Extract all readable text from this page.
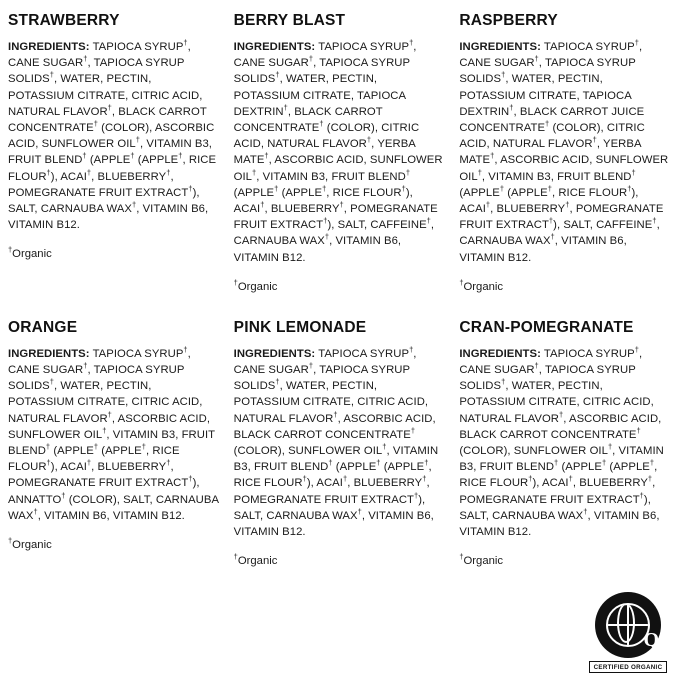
STRAWBERRY
INGREDIENTS: TAPIOCA SYRUP†, CANE SUGAR†, TAPIOCA SYRUP SOLIDS†, WATER, PECTIN, POTASSIUM CITRATE, CITRIC ACID, NATURAL FLAVOR†, BLACK CARROT CONCENTRATE† (COLOR), ASCORBIC ACID, SUNFLOWER OIL†, VITAMIN B3, FRUIT BLEND† (APPLE† (APPLE†, RICE FLOUR†), ACAI†, BLUEBERRY†, POMEGRANATE FRUIT EXTRACT†), SALT, CARNAUBA WAX†, VITAMIN B6, VITAMIN B12.
†Organic
BERRY BLAST
INGREDIENTS: TAPIOCA SYRUP†, CANE SUGAR†, TAPIOCA SYRUP SOLIDS†, WATER, PECTIN, POTASSIUM CITRATE, TAPIOCA DEXTRIN†, BLACK CARROT CONCENTRATE† (COLOR), CITRIC ACID, NATURAL FLAVOR†, YERBA MATE†, ASCORBIC ACID, SUNFLOWER OIL†, VITAMIN B3, FRUIT BLEND† (APPLE† (APPLE†, RICE FLOUR†), ACAI†, BLUEBERRY†, POMEGRANATE FRUIT EXTRACT†), SALT, CAFFEINE†, CARNAUBA WAX†, VITAMIN B6, VITAMIN B12.
†Organic
RASPBERRY
INGREDIENTS: TAPIOCA SYRUP†, CANE SUGAR†, TAPIOCA SYRUP SOLIDS†, WATER, PECTIN, POTASSIUM CITRATE, TAPIOCA DEXTRIN†, BLACK CARROT JUICE CONCENTRATE† (COLOR), CITRIC ACID, NATURAL FLAVOR†, YERBA MATE†, ASCORBIC ACID, SUNFLOWER OIL†, VITAMIN B3, FRUIT BLEND† (APPLE† (APPLE†, RICE FLOUR†), ACAI†, BLUEBERRY†, POMEGRANATE FRUIT EXTRACT†), SALT, CAFFEINE†, CARNAUBA WAX†, VITAMIN B6, VITAMIN B12.
†Organic
ORANGE
INGREDIENTS: TAPIOCA SYRUP†, CANE SUGAR†, TAPIOCA SYRUP SOLIDS†, WATER, PECTIN, POTASSIUM CITRATE, CITRIC ACID, NATURAL FLAVOR†, ASCORBIC ACID, SUNFLOWER OIL†, VITAMIN B3, FRUIT BLEND† (APPLE† (APPLE†, RICE FLOUR†), ACAI†, BLUEBERRY†, POMEGRANATE FRUIT EXTRACT†), ANNATTO† (COLOR), SALT, CARNAUBA WAX†, VITAMIN B6, VITAMIN B12.
†Organic
PINK LEMONADE
INGREDIENTS: TAPIOCA SYRUP†, CANE SUGAR†, TAPIOCA SYRUP SOLIDS†, WATER, PECTIN, POTASSIUM CITRATE, CITRIC ACID, NATURAL FLAVOR†, ASCORBIC ACID, BLACK CARROT CONCENTRATE† (COLOR), SUNFLOWER OIL†, VITAMIN B3, FRUIT BLEND† (APPLE† (APPLE†, RICE FLOUR†), ACAI†, BLUEBERRY†, POMEGRANATE FRUIT EXTRACT†), SALT, CARNAUBA WAX†, VITAMIN B6, VITAMIN B12.
†Organic
CRAN-POMEGRANATE
INGREDIENTS: TAPIOCA SYRUP†, CANE SUGAR†, TAPIOCA SYRUP SOLIDS†, WATER, PECTIN, POTASSIUM CITRATE, CITRIC ACID, NATURAL FLAVOR†, ASCORBIC ACID, BLACK CARROT CONCENTRATE† (COLOR), SUNFLOWER OIL†, VITAMIN B3, FRUIT BLEND† (APPLE† (APPLE†, RICE FLOUR†), ACAI†, BLUEBERRY†, POMEGRANATE FRUIT EXTRACT†), SALT, CARNAUBA WAX†, VITAMIN B6, VITAMIN B12.
†Organic
Q
CERTIFIED ORGANIC
